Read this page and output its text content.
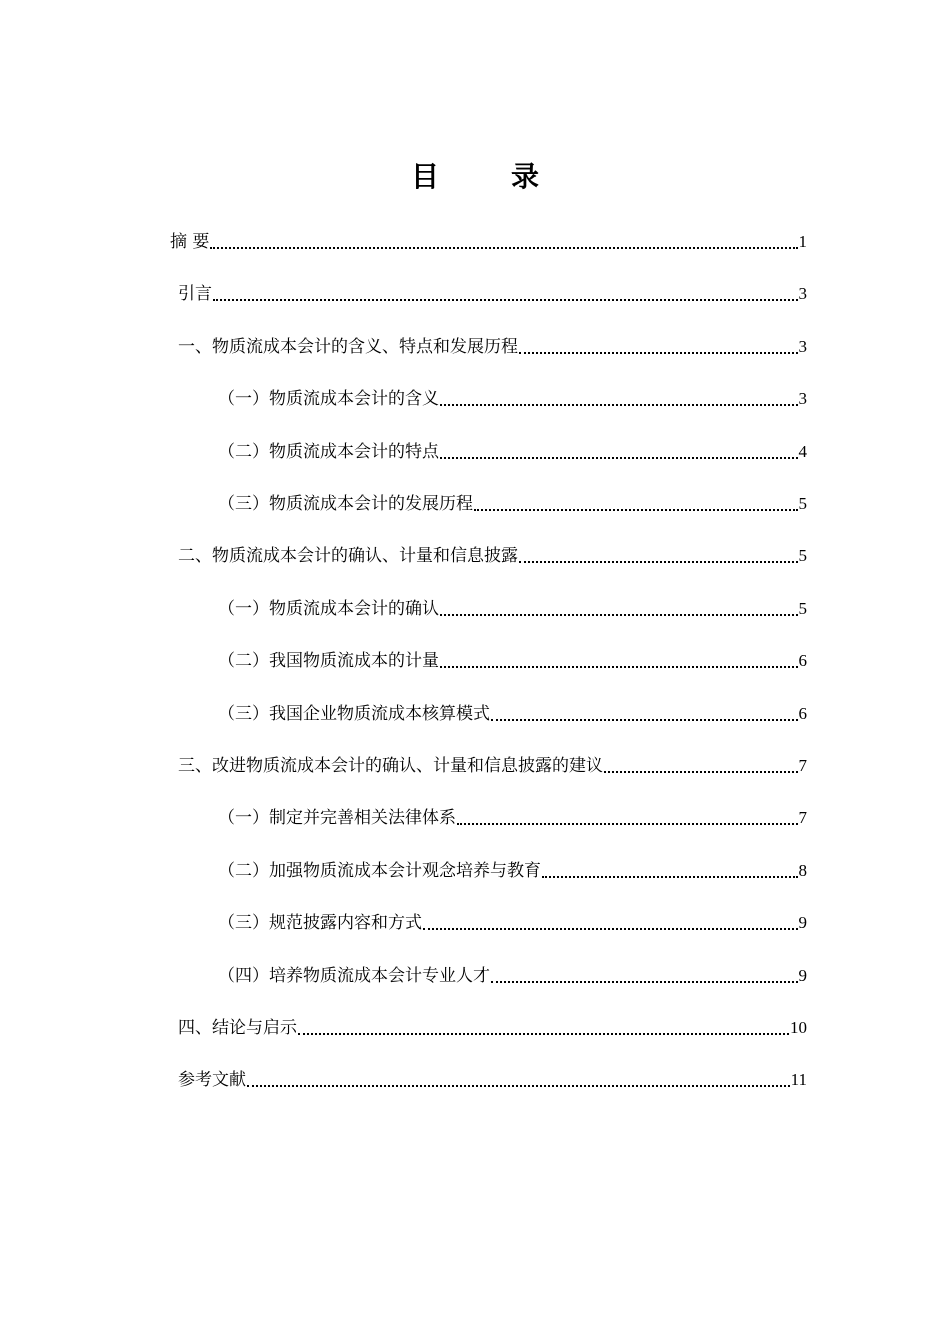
目　录
摘 要	1
引言	3
一、物质流成本会计的含义、特点和发展历程	3
（一）物质流成本会计的含义	3
（二）物质流成本会计的特点	4
（三）物质流成本会计的发展历程	5
二、物质流成本会计的确认、计量和信息披露	5
（一）物质流成本会计的确认	5
（二）我国物质流成本的计量	6
（三）我国企业物质流成本核算模式	6
三、改进物质流成本会计的确认、计量和信息披露的建议	7
（一）制定并完善相关法律体系	7
（二）加强物质流成本会计观念培养与教育	8
（三）规范披露内容和方式	9
（四）培养物质流成本会计专业人才	9
四、结论与启示	10
参考文献	11
